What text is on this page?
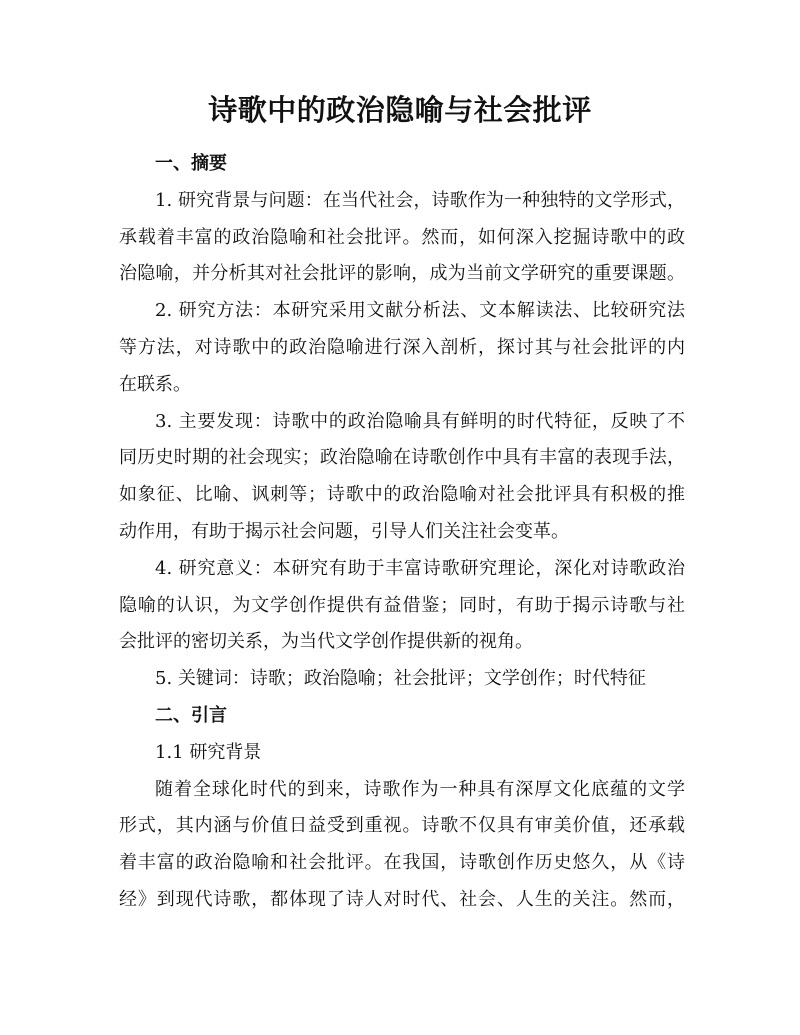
诗歌中的政治隐喻与社会批评
一、摘要
1. 研究背景与问题：在当代社会，诗歌作为一种独特的文学形式，
承载着丰富的政治隐喻和社会批评。然而，如何深入挖掘诗歌中的政
治隐喻，并分析其对社会批评的影响，成为当前文学研究的重要课题。
2. 研究方法：本研究采用文献分析法、文本解读法、比较研究法
等方法，对诗歌中的政治隐喻进行深入剖析，探讨其与社会批评的内
在联系。
3. 主要发现：诗歌中的政治隐喻具有鲜明的时代特征，反映了不
同历史时期的社会现实；政治隐喻在诗歌创作中具有丰富的表现手法，
如象征、比喻、讽刺等；诗歌中的政治隐喻对社会批评具有积极的推
动作用，有助于揭示社会问题，引导人们关注社会变革。
4. 研究意义：本研究有助于丰富诗歌研究理论，深化对诗歌政治
隐喻的认识，为文学创作提供有益借鉴；同时，有助于揭示诗歌与社
会批评的密切关系，为当代文学创作提供新的视角。
5. 关键词：诗歌；政治隐喻；社会批评；文学创作；时代特征
二、引言
1.1 研究背景
随着全球化时代的到来，诗歌作为一种具有深厚文化底蕴的文学
形式，其内涵与价值日益受到重视。诗歌不仅具有审美价值，还承载
着丰富的政治隐喻和社会批评。在我国，诗歌创作历史悠久，从《诗
经》到现代诗歌，都体现了诗人对时代、社会、人生的关注。然而，
